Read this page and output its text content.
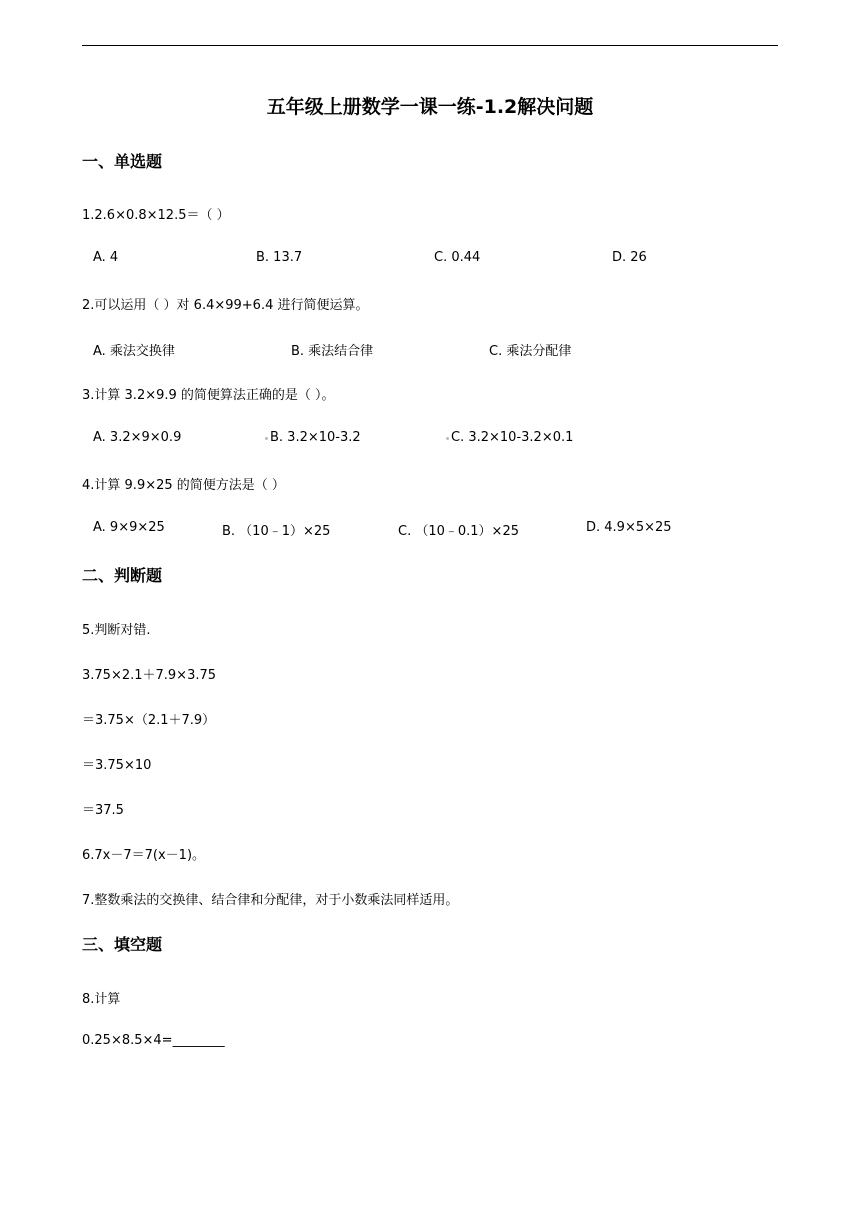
五年级上册数学一课一练-1.2解决问题
一、单选题
1.2.6×0.8×12.5＝（ ）
A. 4	B. 13.7	C. 0.44	D. 26
2.可以运用（ ）对 6.4×99+6.4 进行简便运算。
A. 乘法交换律	B. 乘法结合律	C. 乘法分配律
3.计算 3.2×9.9 的简便算法正确的是（ ）。
A. 3.2×9×0.9	B. 3.2×10-3.2	C. 3.2×10-3.2×0.1
4.计算 9.9×25 的简便方法是（ ）
A. 9×9×25	B. （10﹣1）×25	C. （10﹣0.1）×25	D. 4.9×5×25
二、判断题
5.判断对错.
3.75×2.1＋7.9×3.75
＝3.75×（2.1＋7.9）
＝3.75×10
＝37.5
6.7x－7＝7(x－1)。
7.整数乘法的交换律、结合律和分配律，对于小数乘法同样适用。
三、填空题
8.计算
0.25×8.5×4=________
